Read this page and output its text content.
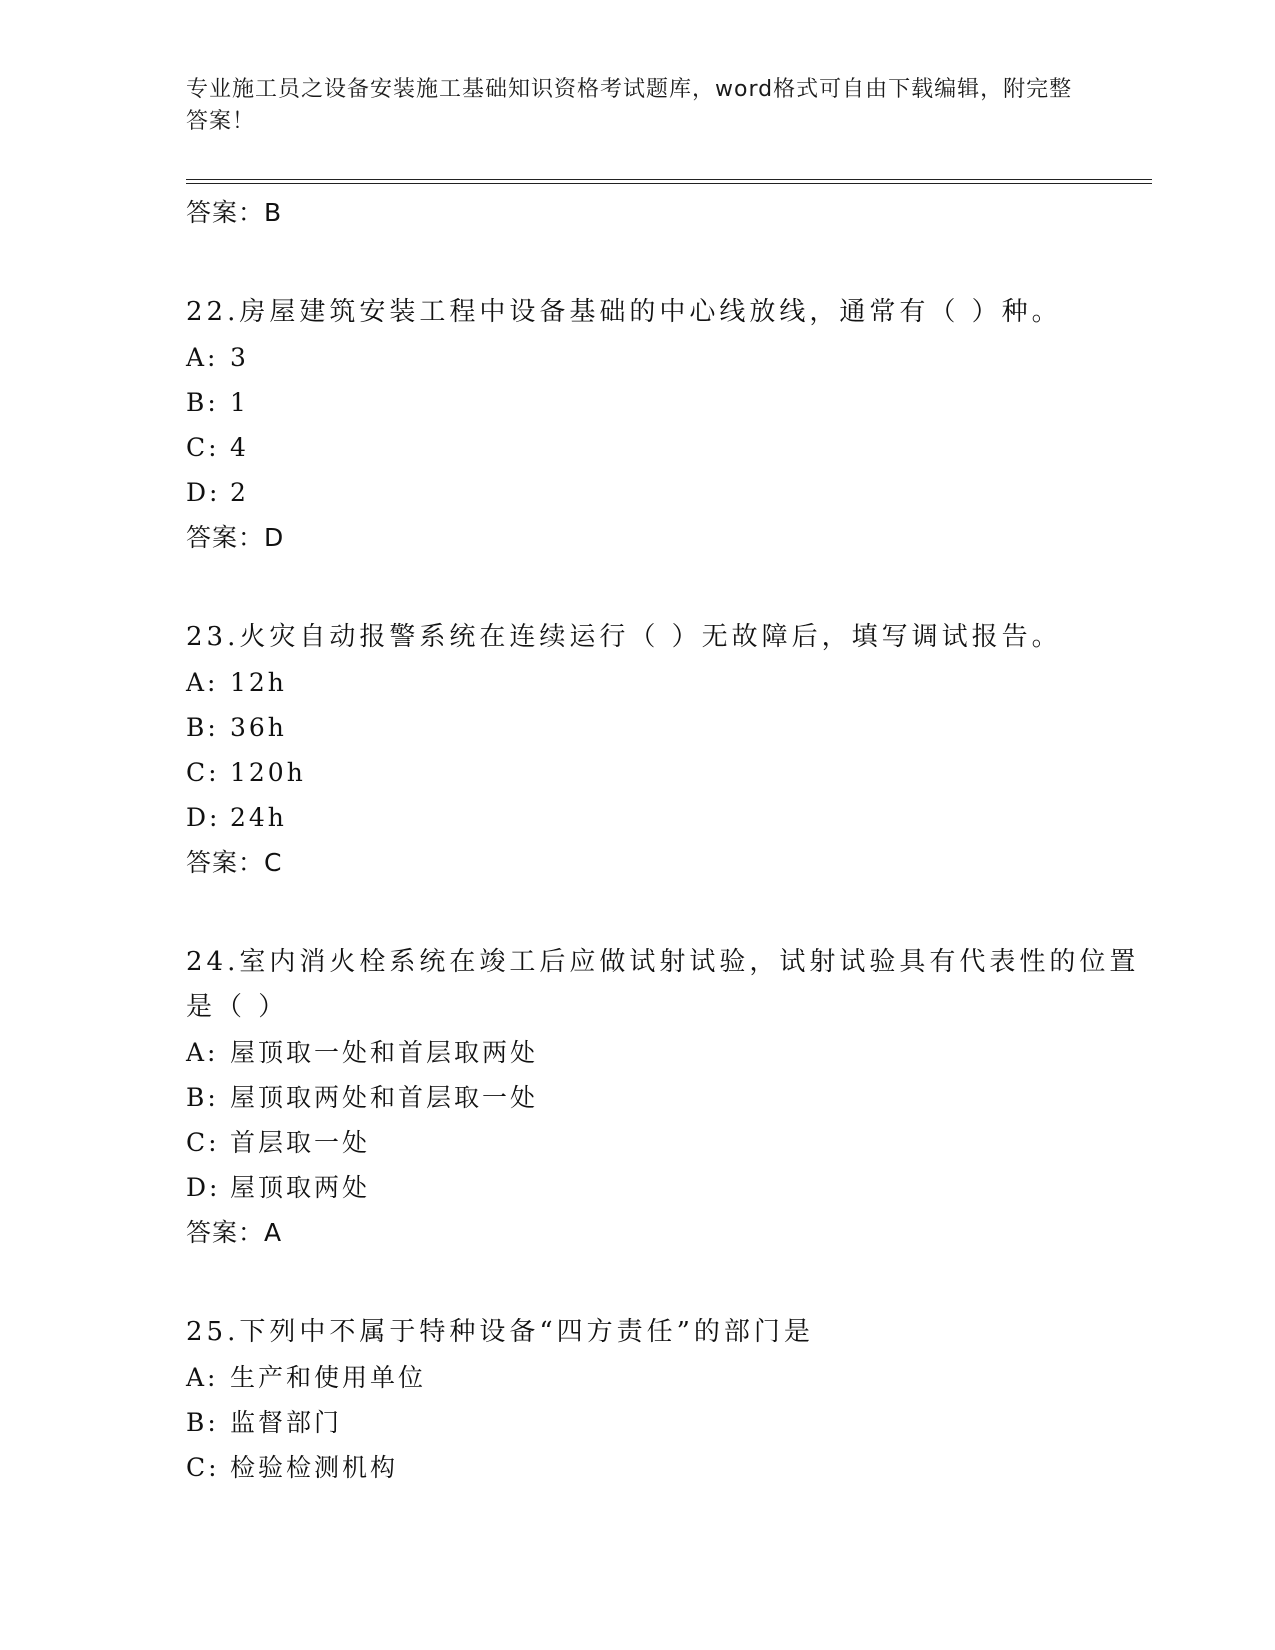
专业施工员之设备安装施工基础知识资格考试题库，word格式可自由下载编辑，附完整答案！
答案：B
22.房屋建筑安装工程中设备基础的中心线放线，通常有（ ）种。
A: 3
B: 1
C: 4
D: 2
答案：D
23.火灾自动报警系统在连续运行（ ）无故障后，填写调试报告。
A: 12h
B: 36h
C: 120h
D: 24h
答案：C
24.室内消火栓系统在竣工后应做试射试验，试射试验具有代表性的位置是（ ）
A: 屋顶取一处和首层取两处
B: 屋顶取两处和首层取一处
C: 首层取一处
D: 屋顶取两处
答案：A
25.下列中不属于特种设备“四方责任”的部门是
A: 生产和使用单位
B: 监督部门
C: 检验检测机构
